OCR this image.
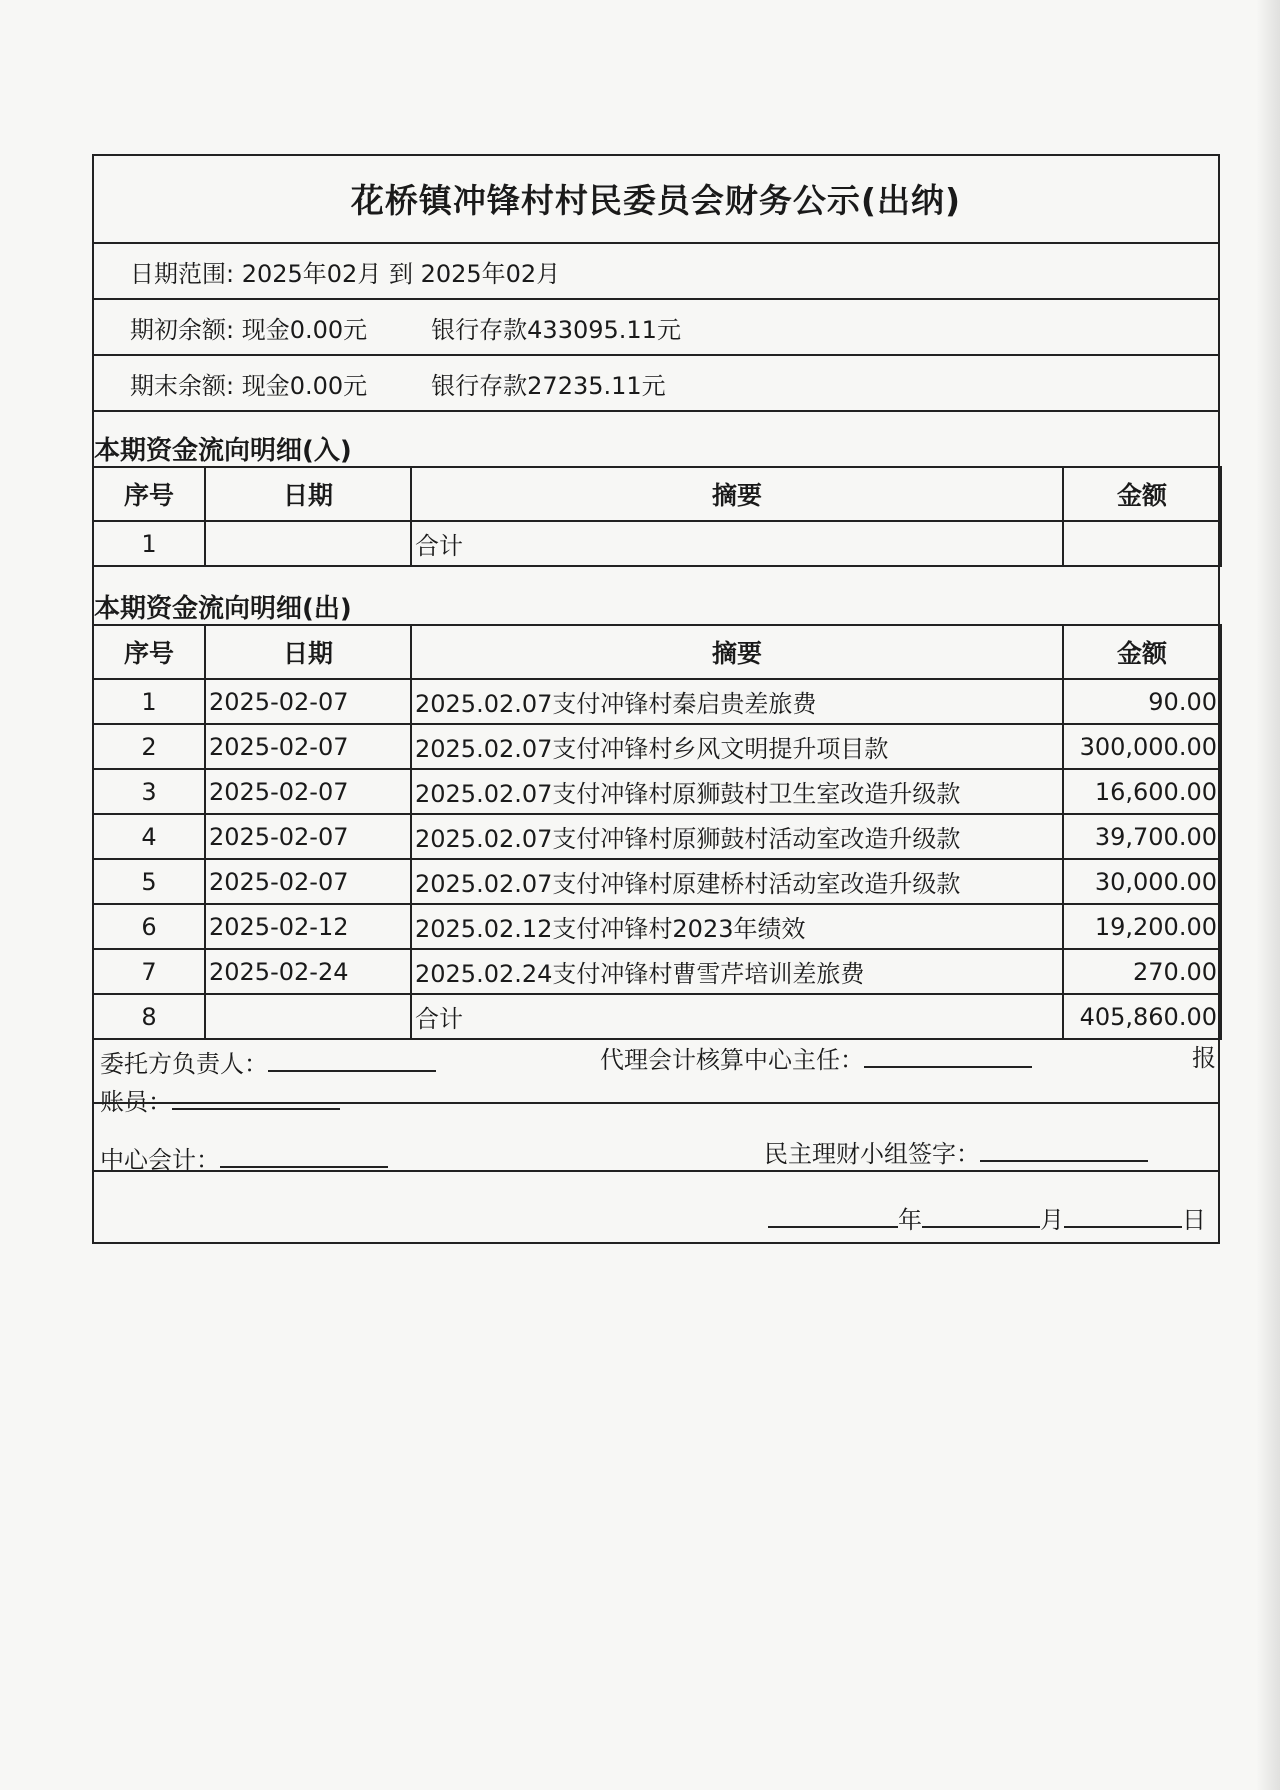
花桥镇冲锋村村民委员会财务公示(出纳)
日期范围: 2025年02月 到 2025年02月
期初余额: 现金0.00元	银行存款433095.11元
期末余额: 现金0.00元	银行存款27235.11元
本期资金流向明细(入)
序号	日期	摘要	金额
1		合计	
本期资金流向明细(出)
序号	日期	摘要	金额
1	2025-02-07	2025.02.07支付冲锋村秦启贵差旅费	90.00
2	2025-02-07	2025.02.07支付冲锋村乡风文明提升项目款	300,000.00
3	2025-02-07	2025.02.07支付冲锋村原狮鼓村卫生室改造升级款	16,600.00
4	2025-02-07	2025.02.07支付冲锋村原狮鼓村活动室改造升级款	39,700.00
5	2025-02-07	2025.02.07支付冲锋村原建桥村活动室改造升级款	30,000.00
6	2025-02-12	2025.02.12支付冲锋村2023年绩效	19,200.00
7	2025-02-24	2025.02.24支付冲锋村曹雪芹培训差旅费	270.00
8		合计	405,860.00
委托方负责人：	代理会计核算中心主任：	报
账员：
中心会计：	民主理财小组签字：
年	月	日
